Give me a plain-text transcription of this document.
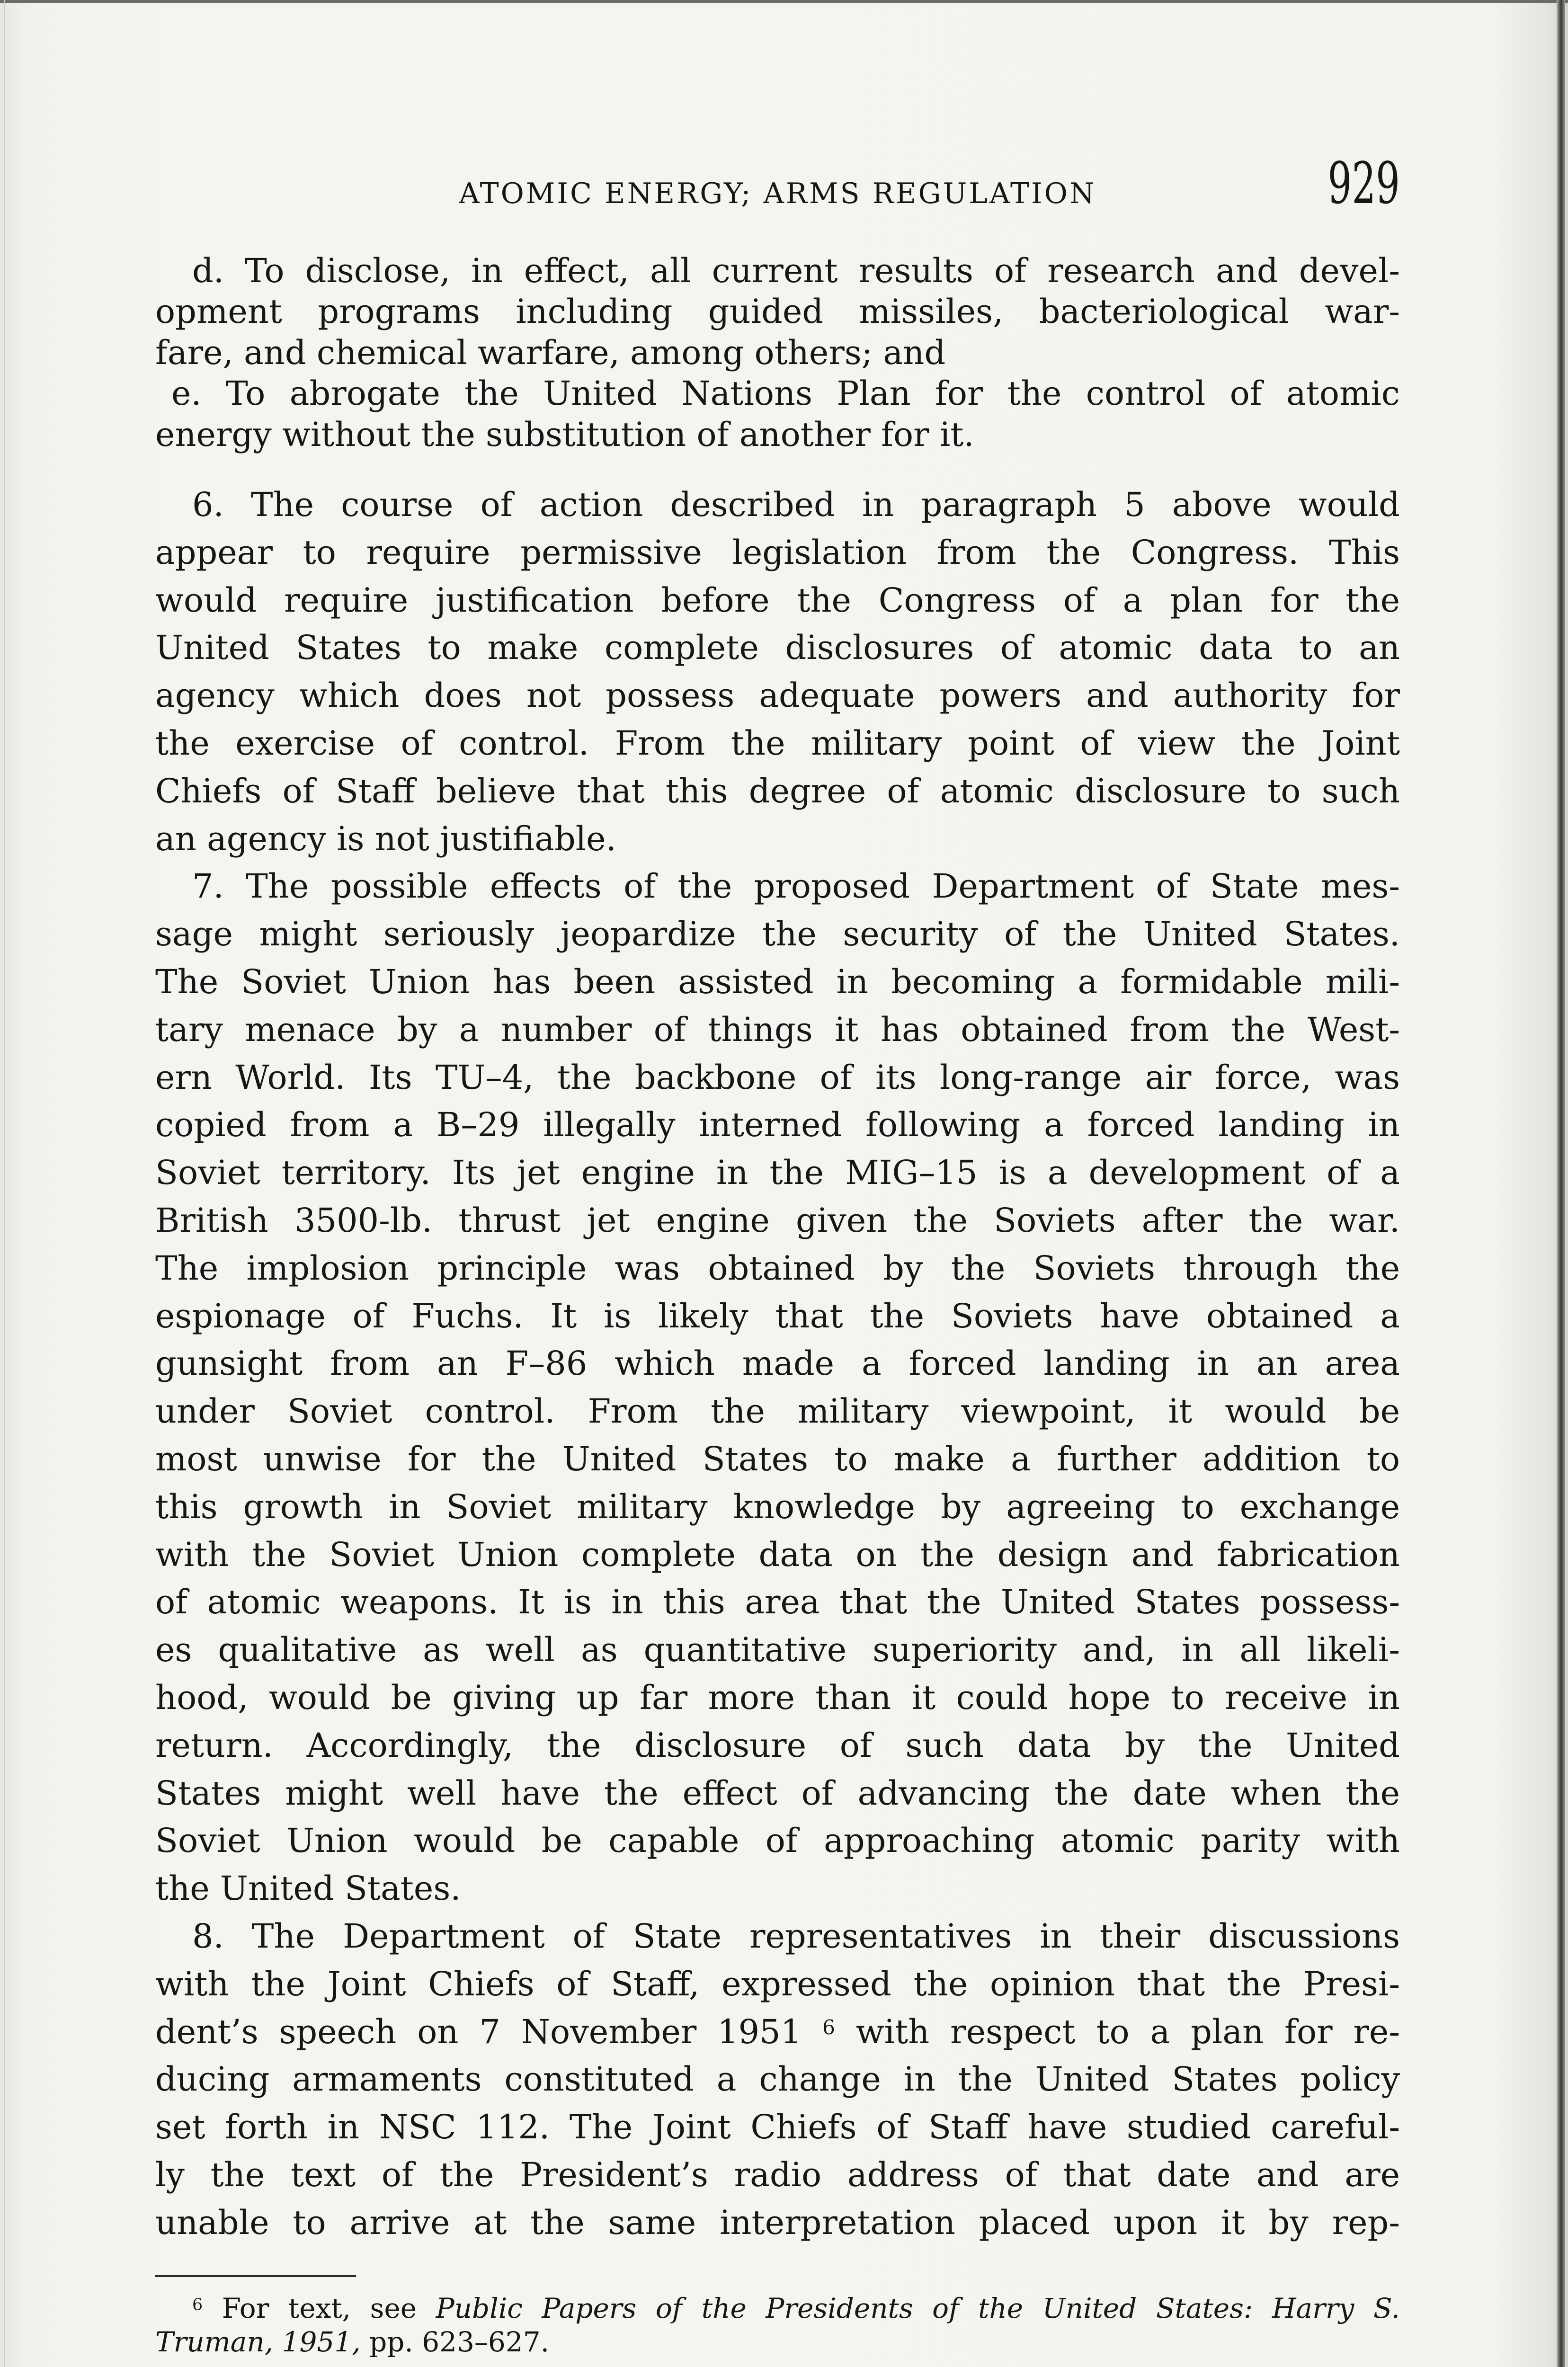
ATOMIC ENERGY; ARMS REGULATION	929
d. To disclose, in effect, all current results of research and devel-
opment programs including guided missiles, bacteriological war-
fare, and chemical warfare, among others; and
e. To abrogate the United Nations Plan for the control of atomic
energy without the substitution of another for it.
6. The course of action described in paragraph 5 above would
appear to require permissive legislation from the Congress. This
would require justification before the Congress of a plan for the
United States to make complete disclosures of atomic data to an
agency which does not possess adequate powers and authority for
the exercise of control. From the military point of view the Joint
Chiefs of Staff believe that this degree of atomic disclosure to such
an agency is not justifiable.
7. The possible effects of the proposed Department of State mes-
sage might seriously jeopardize the security of the United States.
The Soviet Union has been assisted in becoming a formidable mili-
tary menace by a number of things it has obtained from the West-
ern World. Its TU–4, the backbone of its long-range air force, was
copied from a B–29 illegally interned following a forced landing in
Soviet territory. Its jet engine in the MIG–15 is a development of a
British 3500-lb. thrust jet engine given the Soviets after the war.
The implosion principle was obtained by the Soviets through the
espionage of Fuchs. It is likely that the Soviets have obtained a
gunsight from an F–86 which made a forced landing in an area
under Soviet control. From the military viewpoint, it would be
most unwise for the United States to make a further addition to
this growth in Soviet military knowledge by agreeing to exchange
with the Soviet Union complete data on the design and fabrication
of atomic weapons. It is in this area that the United States possess-
es qualitative as well as quantitative superiority and, in all likeli-
hood, would be giving up far more than it could hope to receive in
return. Accordingly, the disclosure of such data by the United
States might well have the effect of advancing the date when the
Soviet Union would be capable of approaching atomic parity with
the United States.
8. The Department of State representatives in their discussions
with the Joint Chiefs of Staff, expressed the opinion that the Presi-
dent’s speech on 7 November 1951 $^6$ with respect to a plan for re-
ducing armaments constituted a change in the United States policy
set forth in NSC 112. The Joint Chiefs of Staff have studied careful-
ly the text of the President’s radio address of that date and are
unable to arrive at the same interpretation placed upon it by rep-
$^6$ For text, see Public Papers of the Presidents of the United States: Harry S.
Truman, 1951, pp. 623–627.
